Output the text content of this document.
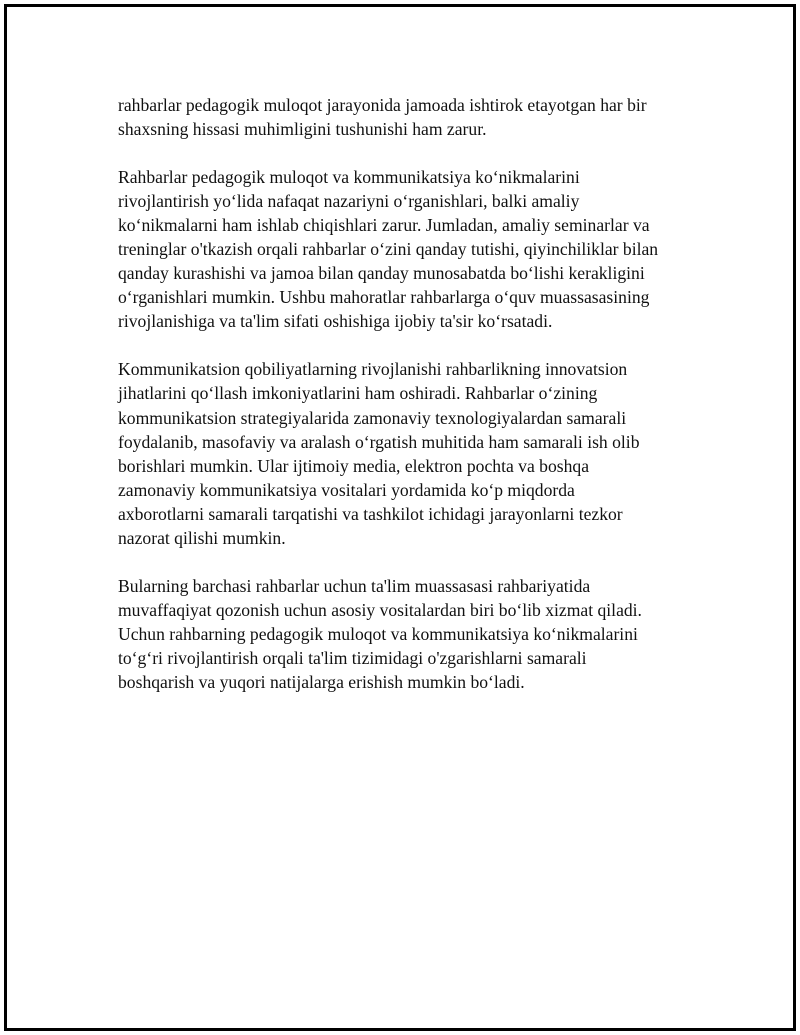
rahbarlar pedagogik muloqot jarayonida jamoada ishtirok etayotgan har bir
shaxsning hissasi muhimligini tushunishi ham zarur.

Rahbarlar pedagogik muloqot va kommunikatsiya ko‘nikmalarini
rivojlantirish yo‘lida nafaqat nazariyni o‘rganishlari, balki amaliy
ko‘nikmalarni ham ishlab chiqishlari zarur. Jumladan, amaliy seminarlar va
treninglar o'tkazish orqali rahbarlar o‘zini qanday tutishi, qiyinchiliklar bilan
qanday kurashishi va jamoa bilan qanday munosabatda bo‘lishi kerakligini
o‘rganishlari mumkin. Ushbu mahoratlar rahbarlarga o‘quv muassasasining
rivojlanishiga va ta'lim sifati oshishiga ijobiy ta'sir ko‘rsatadi.

Kommunikatsion qobiliyatlarning rivojlanishi rahbarlikning innovatsion
jihatlarini qo‘llash imkoniyatlarini ham oshiradi. Rahbarlar o‘zining
kommunikatsion strategiyalarida zamonaviy texnologiyalardan samarali
foydalanib, masofaviy va aralash o‘rgatish muhitida ham samarali ish olib
borishlari mumkin. Ular ijtimoiy media, elektron pochta va boshqa
zamonaviy kommunikatsiya vositalari yordamida ko‘p miqdorda
axborotlarni samarali tarqatishi va tashkilot ichidagi jarayonlarni tezkor
nazorat qilishi mumkin.

Bularning barchasi rahbarlar uchun ta'lim muassasasi rahbariyatida
muvaffaqiyat qozonish uchun asosiy vositalardan biri bo‘lib xizmat qiladi.
Uchun rahbarning pedagogik muloqot va kommunikatsiya ko‘nikmalarini
to‘g‘ri rivojlantirish orqali ta'lim tizimidagi o'zgarishlarni samarali
boshqarish va yuqori natijalarga erishish mumkin bo‘ladi.
